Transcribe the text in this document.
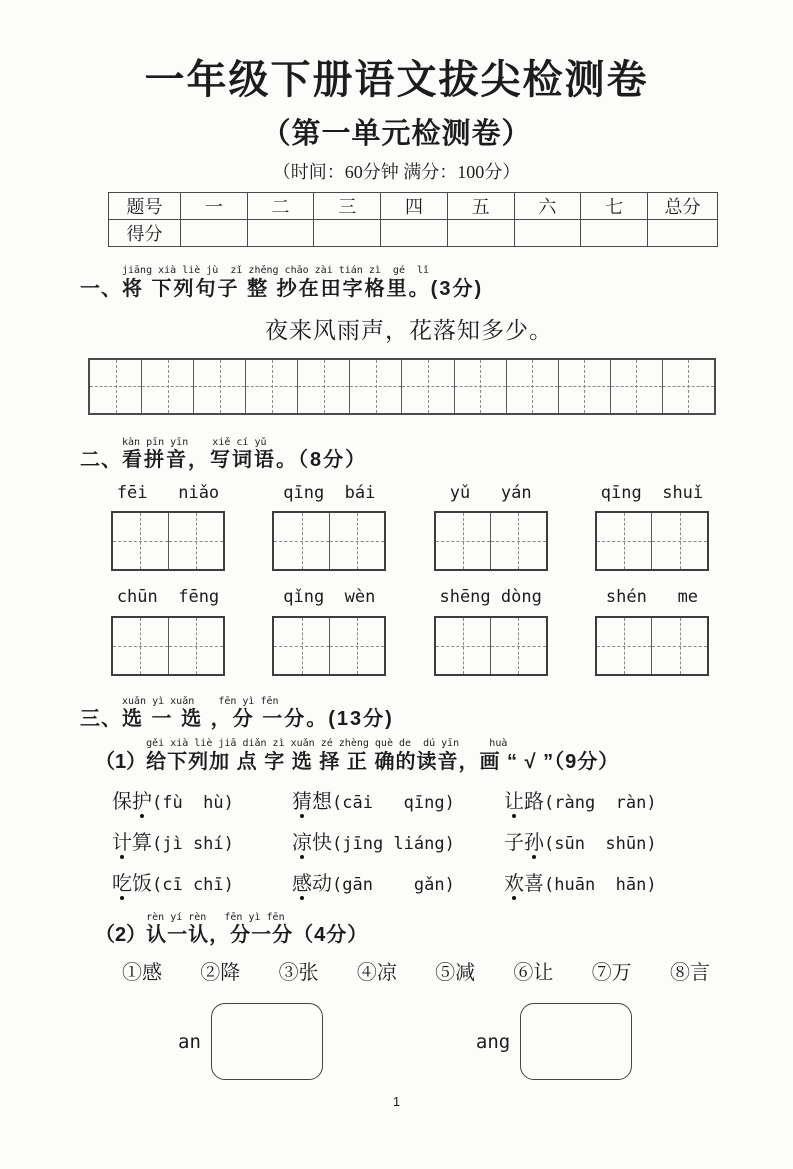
一年级下册语文拔尖检测卷
（第一单元检测卷）
（时间：60分钟 满分：100分）
题号	一	二	三	四	五	六	七	总分
得分								
一、
jiāng xià liè jù  zǐ zhěng chāo zài tián zì  gé  lǐ
将 下列句子 整 抄在田字格里。(3分)
夜来风雨声，花落知多少。
二、
kàn pīn yīn    xiě cí yǔ
看拼音，写词语。（8分）
fēi   niǎo	qīng  bái	yǔ   yán	qīng  shuǐ
chūn  fēng	qǐng  wèn	shēng dòng	shén   me
三、
xuǎn yì xuǎn    fēn yì fēn
选 一 选 ，分 一分。(13分)
（1）
gěi xià liè jiā diǎn zì xuǎn zé zhèng què de  dú yīn     huà
给下列加 点 字 选 择 正 确的读音，画 “ √ ”（9分）
保护(fù  hù)	猜想(cāi   qīng)	让路(ràng  ràn)
计算(jì shí)	凉快(jīng liáng)	子孙(sūn  shūn)
吃饭(cī chī)	感动(gān    gǎn)	欢喜(huān  hān)
（2）
rèn yí rèn   fēn yì fēn
认一认，分一分（4分）
①感 ②降 ③张 ④凉 ⑤减 ⑥让 ⑦万 ⑧言
an	ang
1
